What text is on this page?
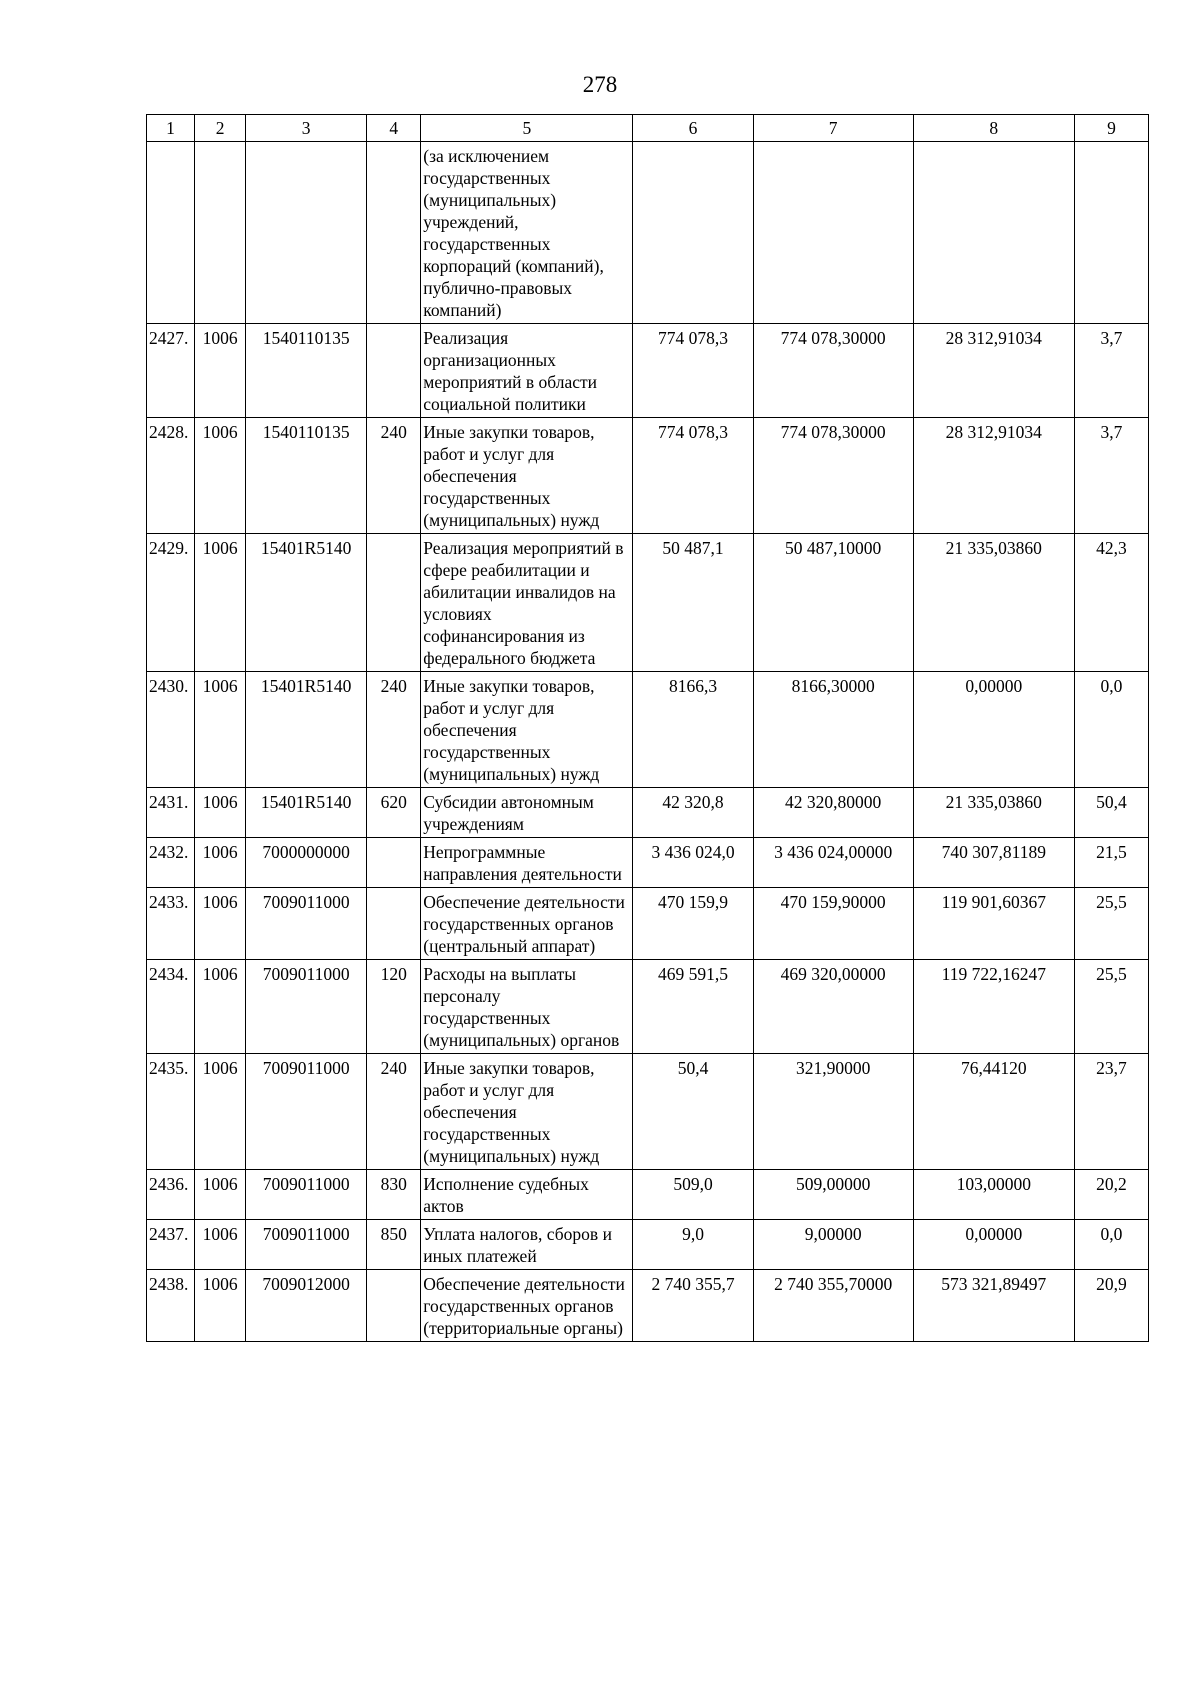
278
1	2	3	4	5	6	7	8	9
				(за исключением государственных (муниципальных) учреждений, государственных корпораций (компаний), публично-правовых компаний)				
2427.	1006	1540110135		Реализация организационных мероприятий в области социальной политики	774 078,3	774 078,30000	28 312,91034	3,7
2428.	1006	1540110135	240	Иные закупки товаров, работ и услуг для обеспечения государственных (муниципальных) нужд	774 078,3	774 078,30000	28 312,91034	3,7
2429.	1006	15401R5140		Реализация мероприятий в сфере реабилитации и абилитации инвалидов на условиях софинансирования из федерального бюджета	50 487,1	50 487,10000	21 335,03860	42,3
2430.	1006	15401R5140	240	Иные закупки товаров, работ и услуг для обеспечения государственных (муниципальных) нужд	8166,3	8166,30000	0,00000	0,0
2431.	1006	15401R5140	620	Субсидии автономным учреждениям	42 320,8	42 320,80000	21 335,03860	50,4
2432.	1006	7000000000		Непрограммные направления деятельности	3 436 024,0	3 436 024,00000	740 307,81189	21,5
2433.	1006	7009011000		Обеспечение деятельности государственных органов (центральный аппарат)	470 159,9	470 159,90000	119 901,60367	25,5
2434.	1006	7009011000	120	Расходы на выплаты персоналу государственных (муниципальных) органов	469 591,5	469 320,00000	119 722,16247	25,5
2435.	1006	7009011000	240	Иные закупки товаров, работ и услуг для обеспечения государственных (муниципальных) нужд	50,4	321,90000	76,44120	23,7
2436.	1006	7009011000	830	Исполнение судебных актов	509,0	509,00000	103,00000	20,2
2437.	1006	7009011000	850	Уплата налогов, сборов и иных платежей	9,0	9,00000	0,00000	0,0
2438.	1006	7009012000		Обеспечение деятельности государственных органов (территориальные органы)	2 740 355,7	2 740 355,70000	573 321,89497	20,9
